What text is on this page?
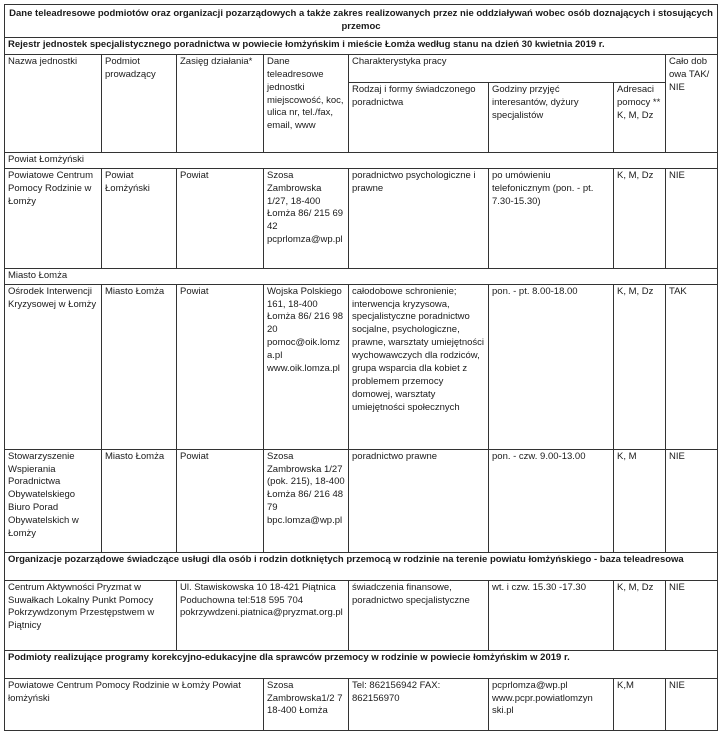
Dane teleadresowe podmiotów oraz organizacji pozarządowych a także zakres realizowanych przez nie oddziaływań wobec osób doznających i stosujących przemoc							
Rejestr jednostek specjalistycznego poradnictwa w powiecie łomżyńskim i mieście Łomża według stanu na dzień 30 kwietnia 2019 r.							
Nazwa jednostki	Podmiot prowadzący	Zasięg działania*	Dane teleadresowe jednostki miejscowość, koc, ulica nr, tel./fax, email, www	Charakterystyka pracy			Cało dob owa TAK/ NIE
				Rodzaj i formy świadczonego poradnictwa	Godziny przyjęć interesantów, dyżury specjalistów	Adresaci pomocy ** K, M, Dz	
Powiat Łomżyński							
Powiatowe Centrum Pomocy Rodzinie w Łomży	Powiat Łomżyński	Powiat	Szosa Zambrowska 1/27, 18-400 Łomża 86/ 215 69 42 pcprlomza@wp.pl	poradnictwo psychologiczne i prawne	po umówieniu telefonicznym (pon. - pt. 7.30-15.30)	K, M, Dz	NIE
Miasto Łomża							
Ośrodek Interwencji Kryzysowej w Łomży	Miasto Łomża	Powiat	Wojska Polskiego 161, 18-400 Łomża 86/ 216 98 20 pomoc@oik.lomza.pl www.oik.lomza.pl	całodobowe schronienie; interwencja kryzysowa, specjalistyczne poradnictwo socjalne, psychologiczne, prawne, warsztaty umiejętności wychowawczych dla rodziców, grupa wsparcia dla kobiet z problemem przemocy domowej, warsztaty umiejętności społecznych	pon. - pt. 8.00-18.00	K, M, Dz	TAK
Stowarzyszenie Wspierania Poradnictwa Obywatelskiego Biuro Porad Obywatelskich w Łomży	Miasto Łomża	Powiat	Szosa Zambrowska 1/27 (pok. 215), 18-400 Łomża 86/ 216 48 79 bpc.lomza@wp.pl	poradnictwo prawne	pon. - czw. 9.00-13.00	K, M	NIE
Organizacje pozarządowe świadczące usługi dla osób i rodzin dotkniętych przemocą w rodzinie na terenie powiatu łomżyńskiego - baza teleadresowa							
Centrum Aktywności Pryzmat w Suwałkach Lokalny Punkt Pomocy Pokrzywdzonym Przestępstwem w Piątnicy		Ul. Stawiskowska 10 18-421 Piątnica Poduchowna tel:518 595 704 pokrzywdzeni.piatnica@pryzmat.org.pl		świadczenia finansowe, poradnictwo specjalistyczne	wt. i czw. 15.30 -17.30	K, M, Dz	NIE
Podmioty realizujące programy korekcyjno-edukacyjne dla sprawców przemocy w rodzinie w powiecie łomżyńskim w 2019 r.							
Powiatowe Centrum Pomocy Rodzinie w Łomży Powiat łomżyński			Szosa Zambrowska1/2 7 18-400 Łomża	Tel: 862156942 FAX: 862156970	pcprlomza@wp.pl www.pcpr.powiatlomzyn ski.pl	K,M	NIE
